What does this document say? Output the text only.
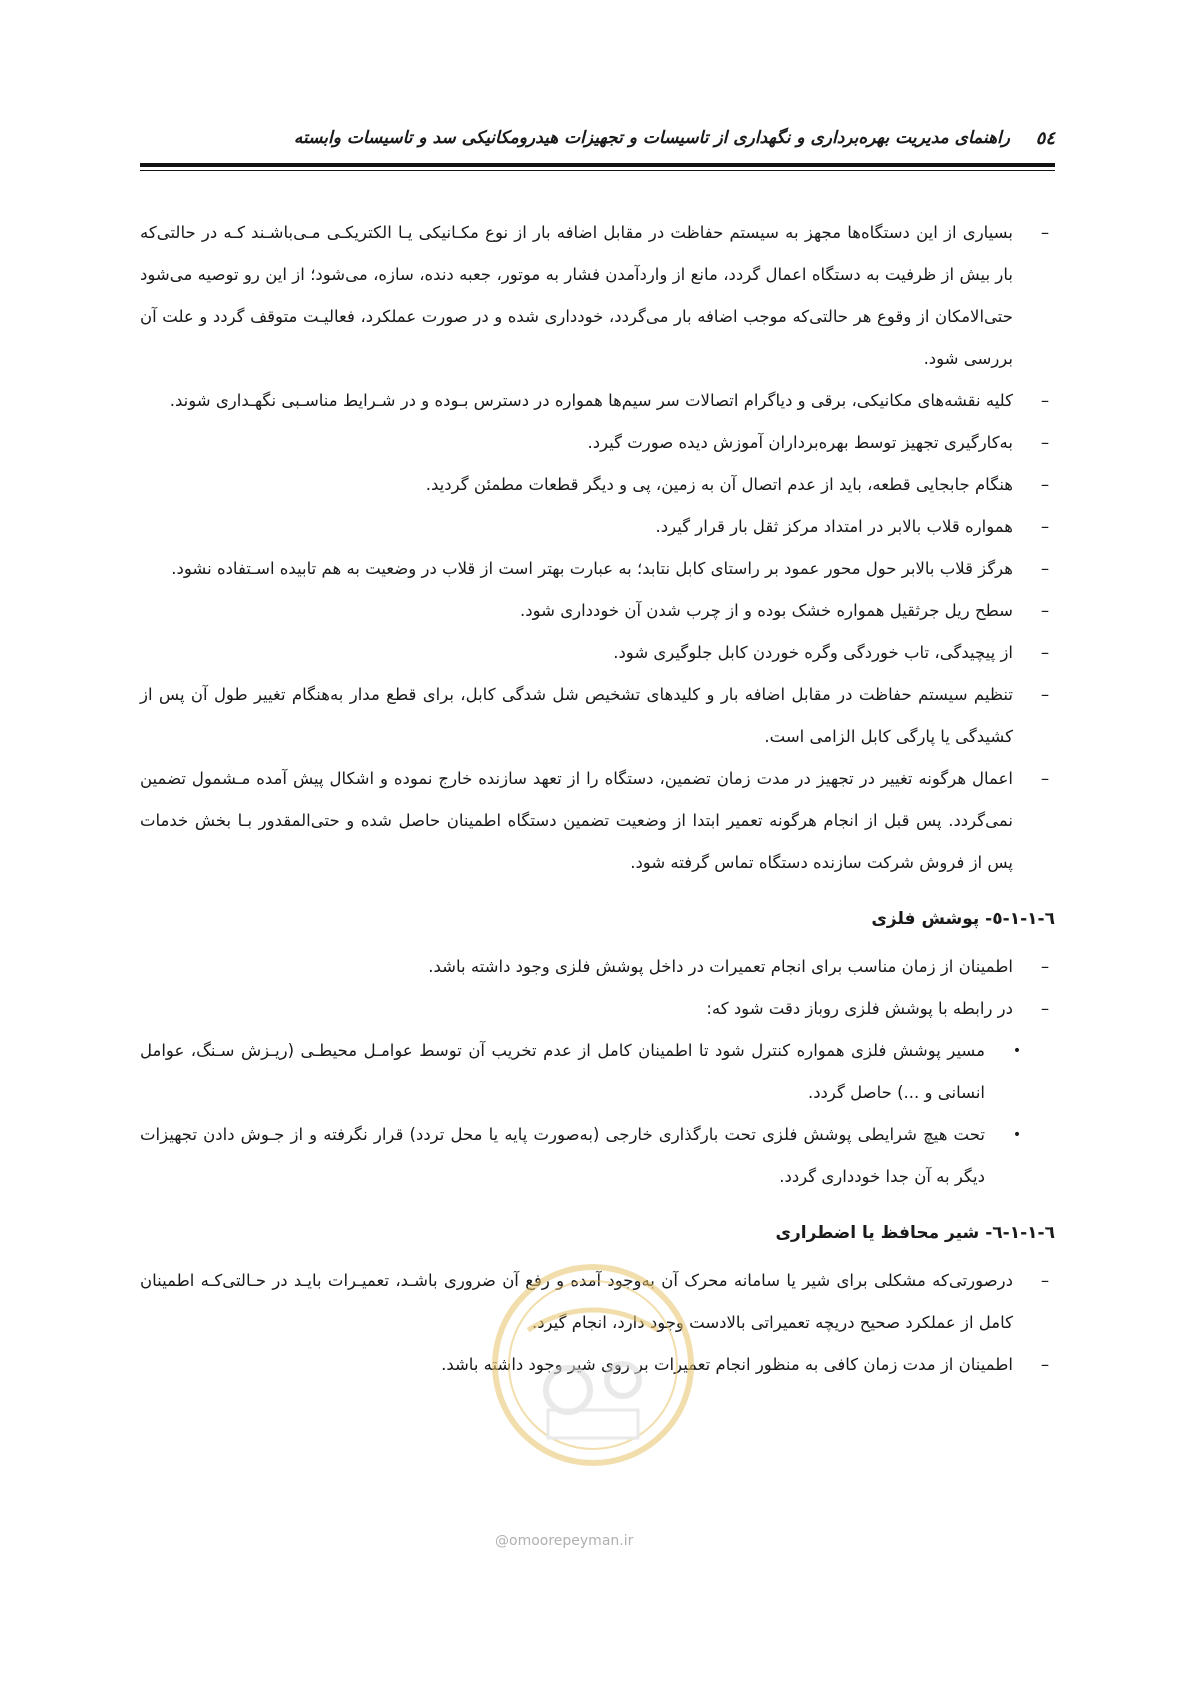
٥٤
راهنمای مدیریت بهره‌برداری و نگهداری از تاسیسات و تجهیزات هیدرومکانیکی سد و تاسیسات وابسته

–
بسیاری از این دستگاه‌ها مجهز به سیستم حفاظت در مقابل اضافه بار از نوع مکـانیکی یـا الکتریکـی مـی‌باشـند کـه در حالتی‌که بار بیش از ظرفیت به دستگاه اعمال گردد، مانع از واردآمدن فشار به موتور، جعبه دنده، سازه، می‌شود؛ از این رو توصیه می‌شود حتی‌الامکان از وقوع هر حالتی‌که موجب اضافه بار می‌گردد، خودداری شده و در صورت عملکرد، فعالیـت متوقف گردد و علت آن بررسی شود.

–
کلیه نقشه‌های مکانیکی، برقی و دیاگرام اتصالات سر سیم‌ها همواره در دسترس بـوده و در شـرایط مناسـبی نگهـداری شوند.

–
به‌کارگیری تجهیز توسط بهره‌برداران آموزش دیده صورت گیرد.

–
هنگام جابجایی قطعه، باید از عدم اتصال آن به زمین، پی و دیگر قطعات مطمئن گردید.

–
همواره قلاب بالابر در امتداد مرکز ثقل بار قرار گیرد.

–
هرگز قلاب بالابر حول محور عمود بر راستای کابل نتابد؛ به عبارت بهتر است از قلاب در وضعیت به هم تابیده اسـتفاده نشود.

–
سطح ریل جرثقیل همواره خشک بوده و از چرب شدن آن خودداری شود.

–
از پیچیدگی، تاب خوردگی وگره خوردن کابل جلوگیری شود.

–
تنظیم سیستم حفاظت در مقابل اضافه بار و کلیدهای تشخیص شل شدگی کابل، برای قطع مدار به‌هنگام تغییر طول آن پس از کشیدگی یا پارگی کابل الزامی است.

–
اعمال هرگونه تغییر در تجهیز در مدت زمان تضمین، دستگاه را از تعهد سازنده خارج نموده و اشکال پیش آمده مـشمول تضمین نمی‌گردد. پس قبل از انجام هرگونه تعمیر ابتدا از وضعیت تضمین دستگاه اطمینان حاصل شده و حتی‌المقدور بـا بخش خدمات پس از فروش شرکت سازنده دستگاه تماس گرفته شود.

٦-١-١-٥- پوشش فلزی

–
اطمینان از زمان مناسب برای انجام تعمیرات در داخل پوشش فلزی وجود داشته باشد.

–
در رابطه با پوشش فلزی روباز دقت شود که:

•
مسیر پوشش فلزی همواره کنترل شود تا اطمینان کامل از عدم تخریب آن توسط عوامـل محیطـی (ریـزش سـنگ، عوامل انسانی و ...) حاصل گردد.

•
تحت هیچ شرایطی پوشش فلزی تحت بارگذاری خارجی (به‌صورت پایه یا محل تردد) قرار نگرفته و از جـوش دادن تجهیزات دیگر به آن جدا خودداری گردد.

٦-١-١-٦- شیر محافظ یا اضطراری

–
درصورتی‌که مشکلی برای شیر یا سامانه محرک آن به‌وجود آمده و رفع آن ضروری باشـد، تعمیـرات بایـد در حـالتی‌کـه اطمینان کامل از عملکرد صحیح دریچه تعمیراتی بالادست وجود دارد، انجام گیرد.

–
اطمینان از مدت زمان کافی به منظور انجام تعمیرات بر روی شیر وجود داشته باشد.

@omoorepeyman.ir
